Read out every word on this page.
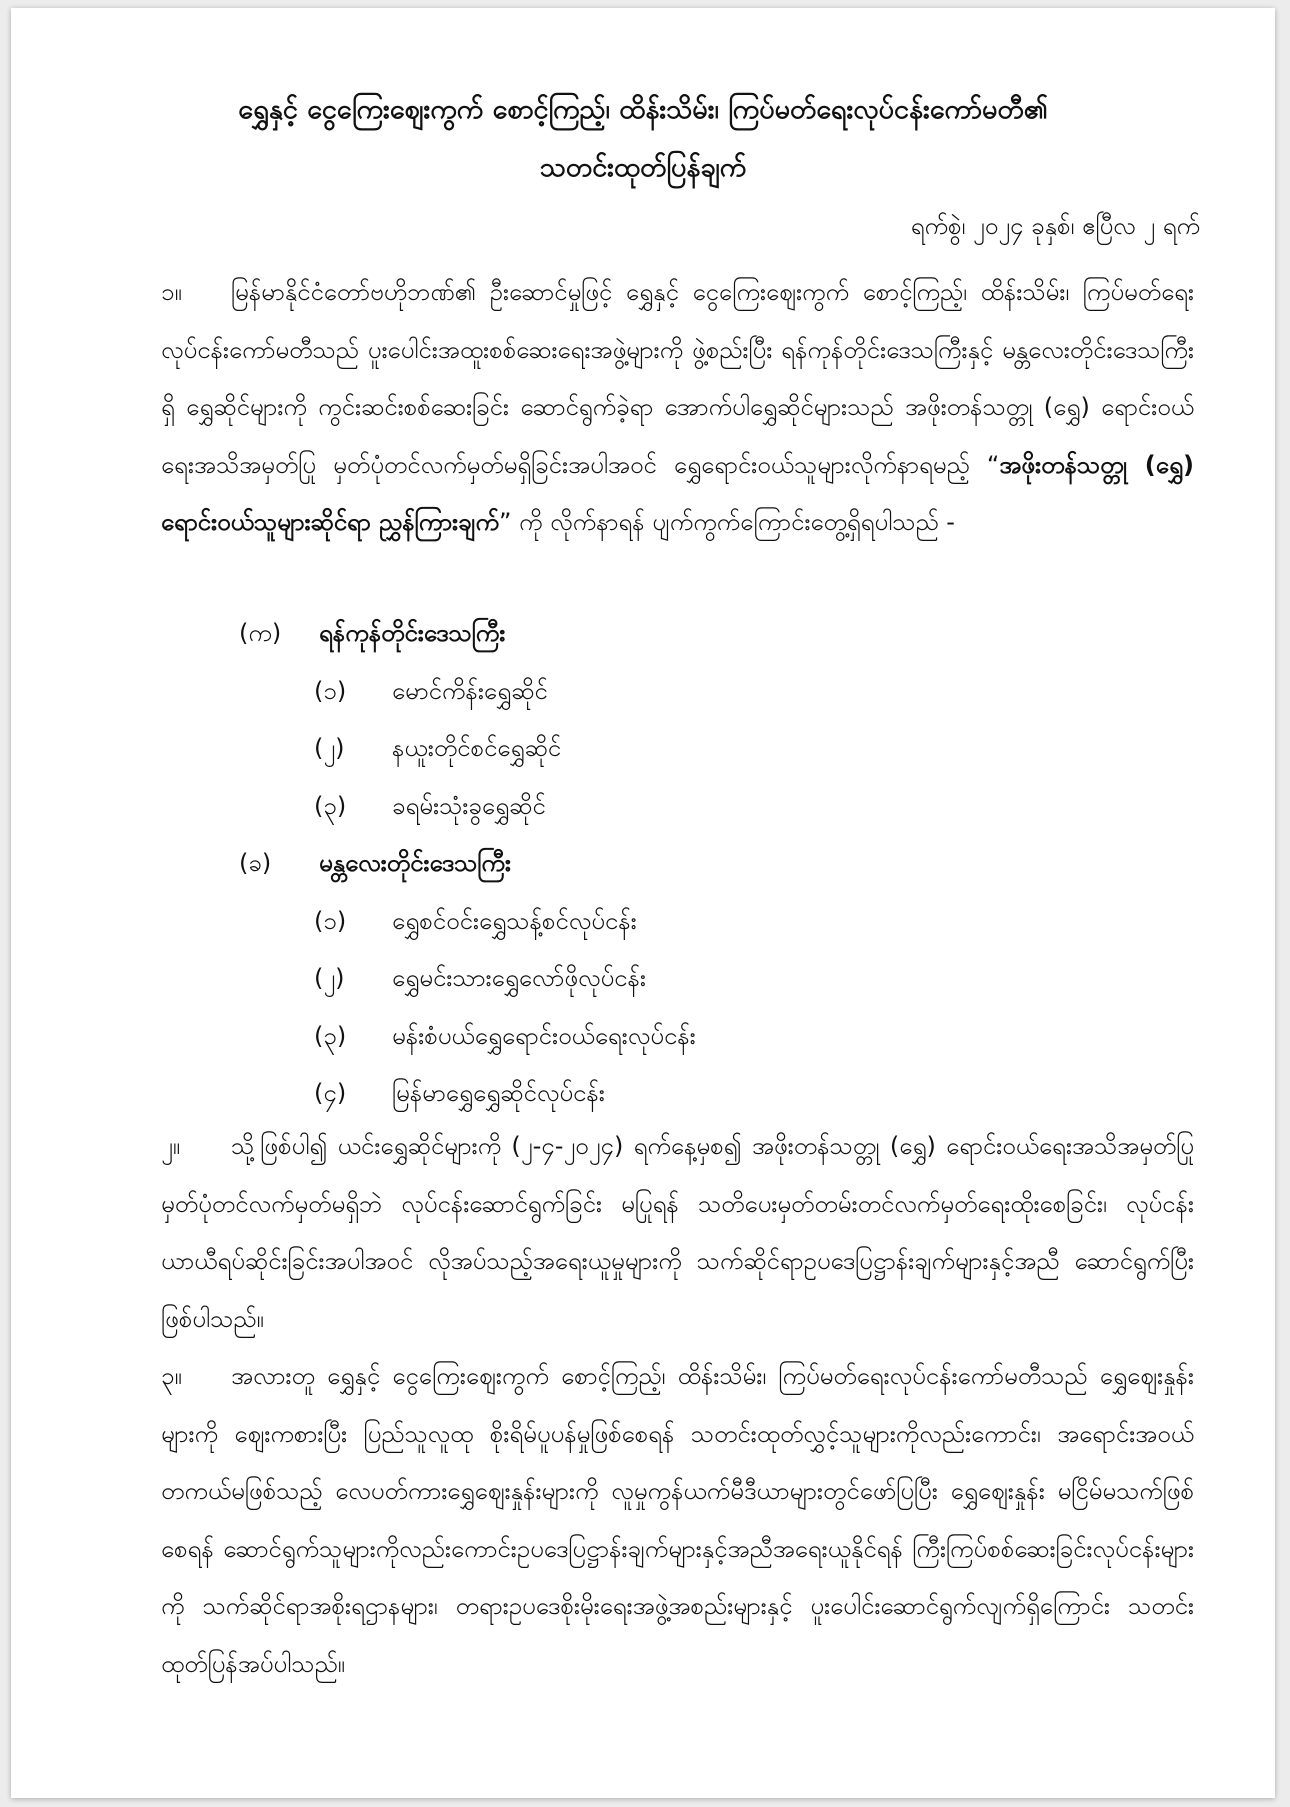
ရွှေနှင့် ငွေကြေးဈေးကွက် စောင့်ကြည့်၊ ထိန်းသိမ်း၊ ကြပ်မတ်ရေးလုပ်ငန်းကော်မတီ၏
သတင်းထုတ်ပြန်ချက်
ရက်စွဲ၊ ၂၀၂၄ ခုနှစ်၊ ဧပြီလ ၂ ရက်

၁။ မြန်မာနိုင်ငံတော်ဗဟိုဘဏ်၏ ဦးဆောင်မှုဖြင့် ရွှေနှင့် ငွေကြေးဈေးကွက် စောင့်ကြည့်၊ ထိန်းသိမ်း၊ ကြပ်မတ်ရေးလုပ်ငန်းကော်မတီသည် ပူးပေါင်းအထူးစစ်ဆေးရေးအဖွဲ့များကို ဖွဲ့စည်းပြီး ရန်ကုန်တိုင်းဒေသကြီးနှင့် မန္တလေးတိုင်းဒေသကြီးရှိ ရွှေဆိုင်များကို ကွင်းဆင်းစစ်ဆေးခြင်း ဆောင်ရွက်ခဲ့ရာ အောက်ပါရွှေဆိုင်များသည် အဖိုးတန်သတ္တု (ရွှေ) ရောင်းဝယ်ရေးအသိအမှတ်ပြု မှတ်ပုံတင်လက်မှတ်မရှိခြင်းအပါအဝင် ရွှေရောင်းဝယ်သူများလိုက်နာရမည့် “အဖိုးတန်သတ္တု (ရွှေ) ရောင်းဝယ်သူများဆိုင်ရာ ညွှန်ကြားချက်” ကို လိုက်နာရန် ပျက်ကွက်ကြောင်းတွေ့ရှိရပါသည် -

(က) ရန်ကုန်တိုင်းဒေသကြီး
(၁) မောင်ကိန်းရွှေဆိုင်
(၂) နယူးတိုင်စင်ရွှေဆိုင်
(၃) ခရမ်းသုံးခွရွှေဆိုင်
(ခ) မန္တလေးတိုင်းဒေသကြီး
(၁) ရွှေစင်ဝင်းရွှေသန့်စင်လုပ်ငန်း
(၂) ရွှေမင်းသားရွှေလော်ဖိုလုပ်ငန်း
(၃) မန်းစံပယ်ရွှေရောင်းဝယ်ရေးလုပ်ငန်း
(၄) မြန်မာရွှေရွှေဆိုင်လုပ်ငန်း

၂။ သို့ဖြစ်ပါ၍ ယင်းရွှေဆိုင်များကို (၂-၄-၂၀၂၄) ရက်နေ့မှစ၍ အဖိုးတန်သတ္တု (ရွှေ) ရောင်းဝယ်ရေးအသိအမှတ်ပြုမှတ်ပုံတင်လက်မှတ်မရှိဘဲ လုပ်ငန်းဆောင်ရွက်ခြင်း မပြုရန် သတိပေးမှတ်တမ်းတင်လက်မှတ်ရေးထိုးစေခြင်း၊ လုပ်ငန်းယာယီရပ်ဆိုင်းခြင်းအပါအဝင် လိုအပ်သည့်အရေးယူမှုများကို သက်ဆိုင်ရာဥပဒေပြဋ္ဌာန်းချက်များနှင့်အညီ ဆောင်ရွက်ပြီးဖြစ်ပါသည်။

၃။ အလားတူ ရွှေနှင့် ငွေကြေးဈေးကွက် စောင့်ကြည့်၊ ထိန်းသိမ်း၊ ကြပ်မတ်ရေးလုပ်ငန်းကော်မတီသည် ရွှေဈေးနှုန်းများကို ဈေးကစားပြီး ပြည်သူလူထု စိုးရိမ်ပူပန်မှုဖြစ်စေရန် သတင်းထုတ်လွှင့်သူများကိုလည်းကောင်း၊ အရောင်းအဝယ်တကယ်မဖြစ်သည့် လေပတ်ကားရွှေဈေးနှုန်းများကို လူမှုကွန်ယက်မီဒီယာများတွင်ဖော်ပြပြီး ရွှေဈေးနှုန်း မငြိမ်မသက်ဖြစ်စေရန် ဆောင်ရွက်သူများကိုလည်းကောင်းဥပဒေပြဋ္ဌာန်းချက်များနှင့်အညီအရေးယူနိုင်ရန် ကြီးကြပ်စစ်ဆေးခြင်းလုပ်ငန်းများကို သက်ဆိုင်ရာအစိုးရဌာနများ၊ တရားဥပဒေစိုးမိုးရေးအဖွဲ့အစည်းများနှင့် ပူးပေါင်းဆောင်ရွက်လျက်ရှိကြောင်း သတင်းထုတ်ပြန်အပ်ပါသည်။
